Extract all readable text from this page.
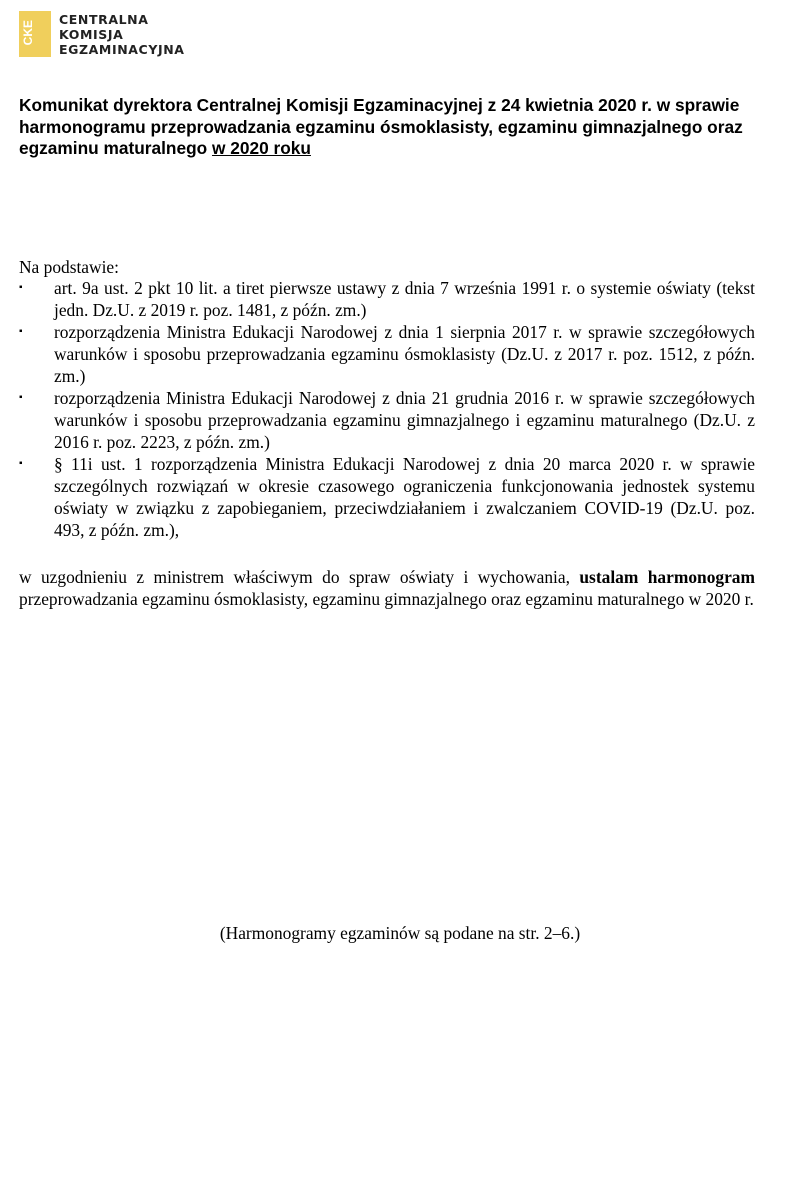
CKE
CENTRALNA
KOMISJA
EGZAMINACYJNA
Komunikat dyrektora Centralnej Komisji Egzaminacyjnej z 24 kwietnia 2020 r. w sprawie harmonogramu przeprowadzania egzaminu ósmoklasisty, egzaminu gimnazjalnego oraz egzaminu maturalnego w 2020 roku
Na podstawie:
▪ art. 9a ust. 2 pkt 10 lit. a tiret pierwsze ustawy z dnia 7 września 1991 r. o systemie oświaty (tekst jedn. Dz.U. z 2019 r. poz. 1481, z późn. zm.)
▪ rozporządzenia Ministra Edukacji Narodowej z dnia 1 sierpnia 2017 r. w sprawie szczegółowych warunków i sposobu przeprowadzania egzaminu ósmoklasisty (Dz.U. z 2017 r. poz. 1512, z późn. zm.)
▪ rozporządzenia Ministra Edukacji Narodowej z dnia 21 grudnia 2016 r. w sprawie szczegółowych warunków i sposobu przeprowadzania egzaminu gimnazjalnego i egzaminu maturalnego (Dz.U. z 2016 r. poz. 2223, z późn. zm.)
▪ § 11i ust. 1 rozporządzenia Ministra Edukacji Narodowej z dnia 20 marca 2020 r. w sprawie szczególnych rozwiązań w okresie czasowego ograniczenia funkcjonowania jednostek systemu oświaty w związku z zapobieganiem, przeciwdziałaniem i zwalczaniem COVID-19 (Dz.U. poz. 493, z późn. zm.),

w uzgodnieniu z ministrem właściwym do spraw oświaty i wychowania, ustalam harmonogram przeprowadzania egzaminu ósmoklasisty, egzaminu gimnazjalnego oraz egzaminu maturalnego w 2020 r.

(Harmonogramy egzaminów są podane na str. 2–6.)
